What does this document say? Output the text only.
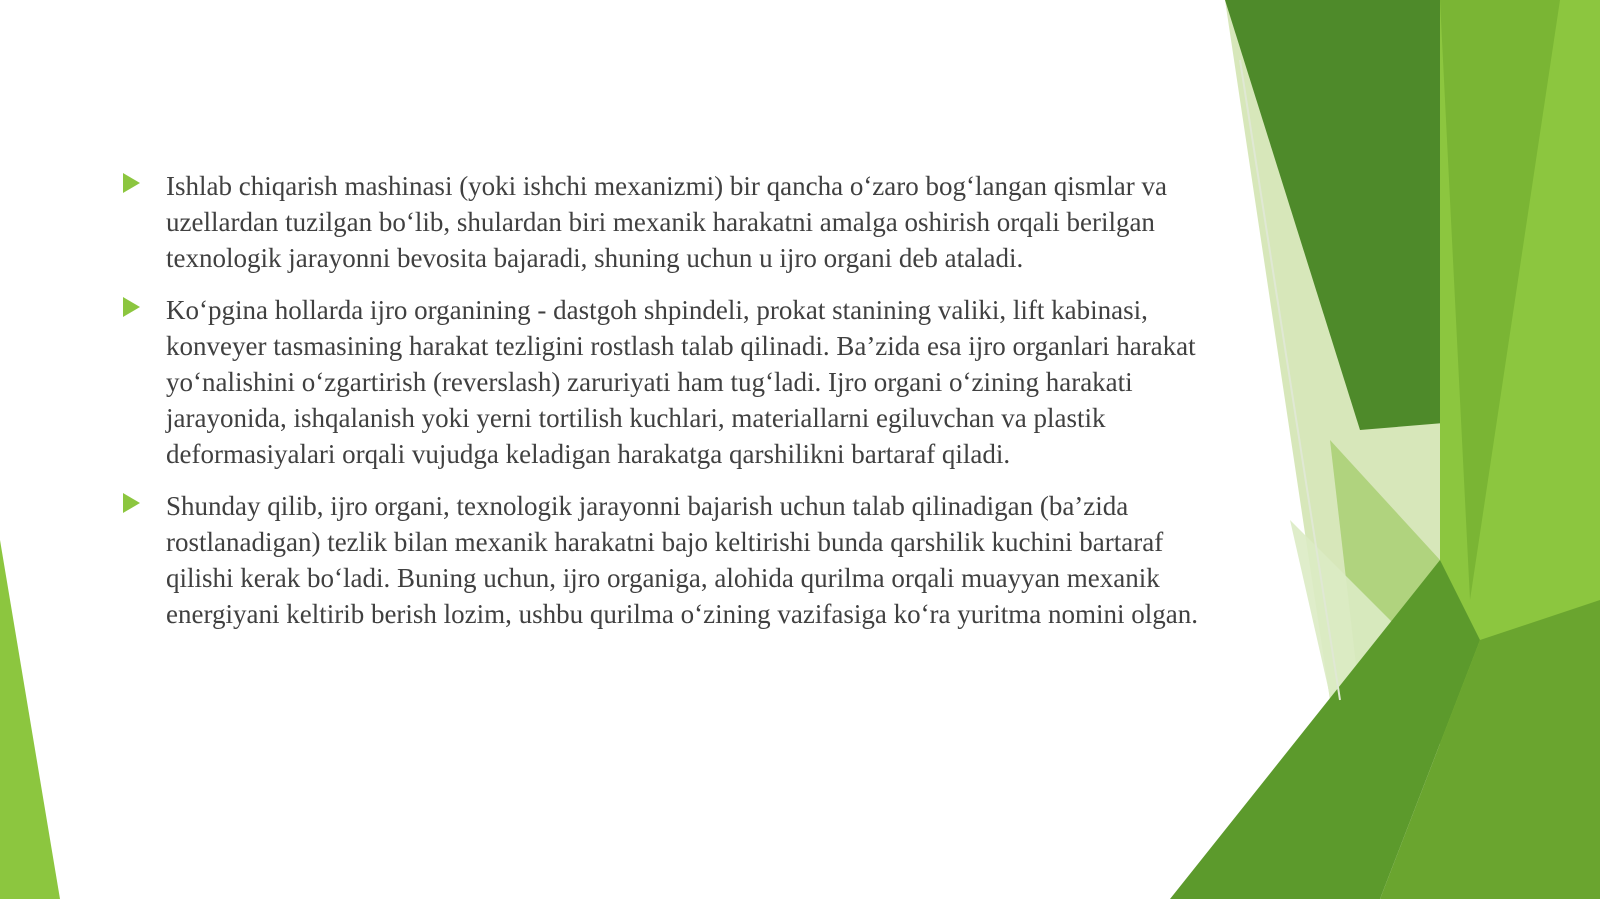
Ishlab chiqarish mashinasi (yoki ishchi mexanizmi) bir qancha o‘zaro bog‘langan qismlar va uzellardan tuzilgan bo‘lib, shulardan biri mexanik harakatni amalga oshirish orqali berilgan texnologik jarayonni bevosita bajaradi, shuning uchun u ijro organi deb ataladi.
Ko‘pgina hollarda ijro organining - dastgoh shpindeli, prokat stanining valiki, lift kabinasi, konveyer tasmasining harakat tezligini rostlash talab qilinadi. Ba’zida esa ijro organlari harakat yo‘nalishini o‘zgartirish (reverslash) zaruriyati ham tug‘ladi. Ijro organi o‘zining harakati jarayonida, ishqalanish yoki yerni tortilish kuchlari, materiallarni egiluvchan va plastik deformasiyalari orqali vujudga keladigan harakatga qarshilikni bartaraf qiladi.
Shunday qilib, ijro organi, texnologik jarayonni bajarish uchun talab qilinadigan (ba’zida rostlanadigan) tezlik bilan mexanik harakatni bajo keltirishi bunda qarshilik kuchini bartaraf qilishi kerak bo‘ladi. Buning uchun, ijro organiga, alohida qurilma orqali muayyan mexanik energiyani keltirib berish lozim, ushbu qurilma o‘zining vazifasiga ko‘ra yuritma nomini olgan.
